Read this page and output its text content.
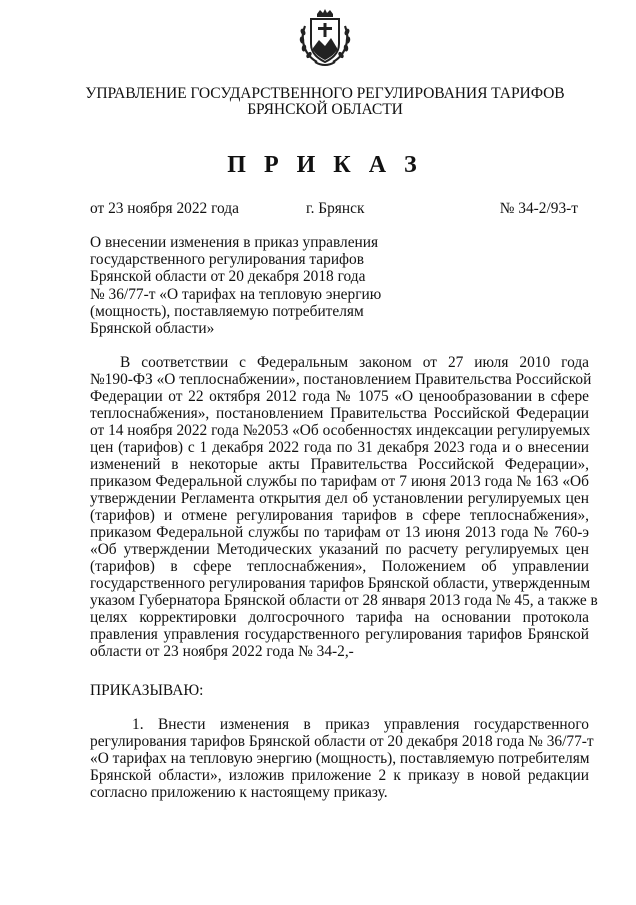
УПРАВЛЕНИЕ ГОСУДАРСТВЕННОГО РЕГУЛИРОВАНИЯ ТАРИФОВ
БРЯНСКОЙ ОБЛАСТИ
П Р И К А З
от 23 ноября 2022 года	г. Брянск	№ 34-2/93-т
О внесении изменения в приказ управления
государственного регулирования тарифов
Брянской области от 20 декабря 2018 года
№ 36/77-т «О тарифах на тепловую энергию
(мощность), поставляемую потребителям
Брянской области»
В соответствии с Федеральным законом от 27 июля 2010 года
№190-ФЗ «О теплоснабжении», постановлением Правительства Российской
Федерации от 22 октября 2012 года № 1075 «О ценообразовании в сфере
теплоснабжения», постановлением Правительства Российской Федерации
от 14 ноября 2022 года №2053 «Об особенностях индексации регулируемых
цен (тарифов) с 1 декабря 2022 года по 31 декабря 2023 года и о внесении
изменений в некоторые акты Правительства Российской Федерации»,
приказом Федеральной службы по тарифам от 7 июня 2013 года № 163 «Об
утверждении Регламента открытия дел об установлении регулируемых цен
(тарифов) и отмене регулирования тарифов в сфере теплоснабжения»,
приказом Федеральной службы по тарифам от 13 июня 2013 года № 760-э
«Об утверждении Методических указаний по расчету регулируемых цен
(тарифов) в сфере теплоснабжения», Положением об управлении
государственного регулирования тарифов Брянской области, утвержденным
указом Губернатора Брянской области от 28 января 2013 года № 45, а также в
целях корректировки долгосрочного тарифа на основании протокола
правления управления государственного регулирования тарифов Брянской
области от 23 ноября 2022 года № 34-2,-
ПРИКАЗЫВАЮ:
1. Внести изменения в приказ управления государственного
регулирования тарифов Брянской области от 20 декабря 2018 года № 36/77-т
«О тарифах на тепловую энергию (мощность), поставляемую потребителям
Брянской области», изложив приложение 2 к приказу в новой редакции
согласно приложению к настоящему приказу.
